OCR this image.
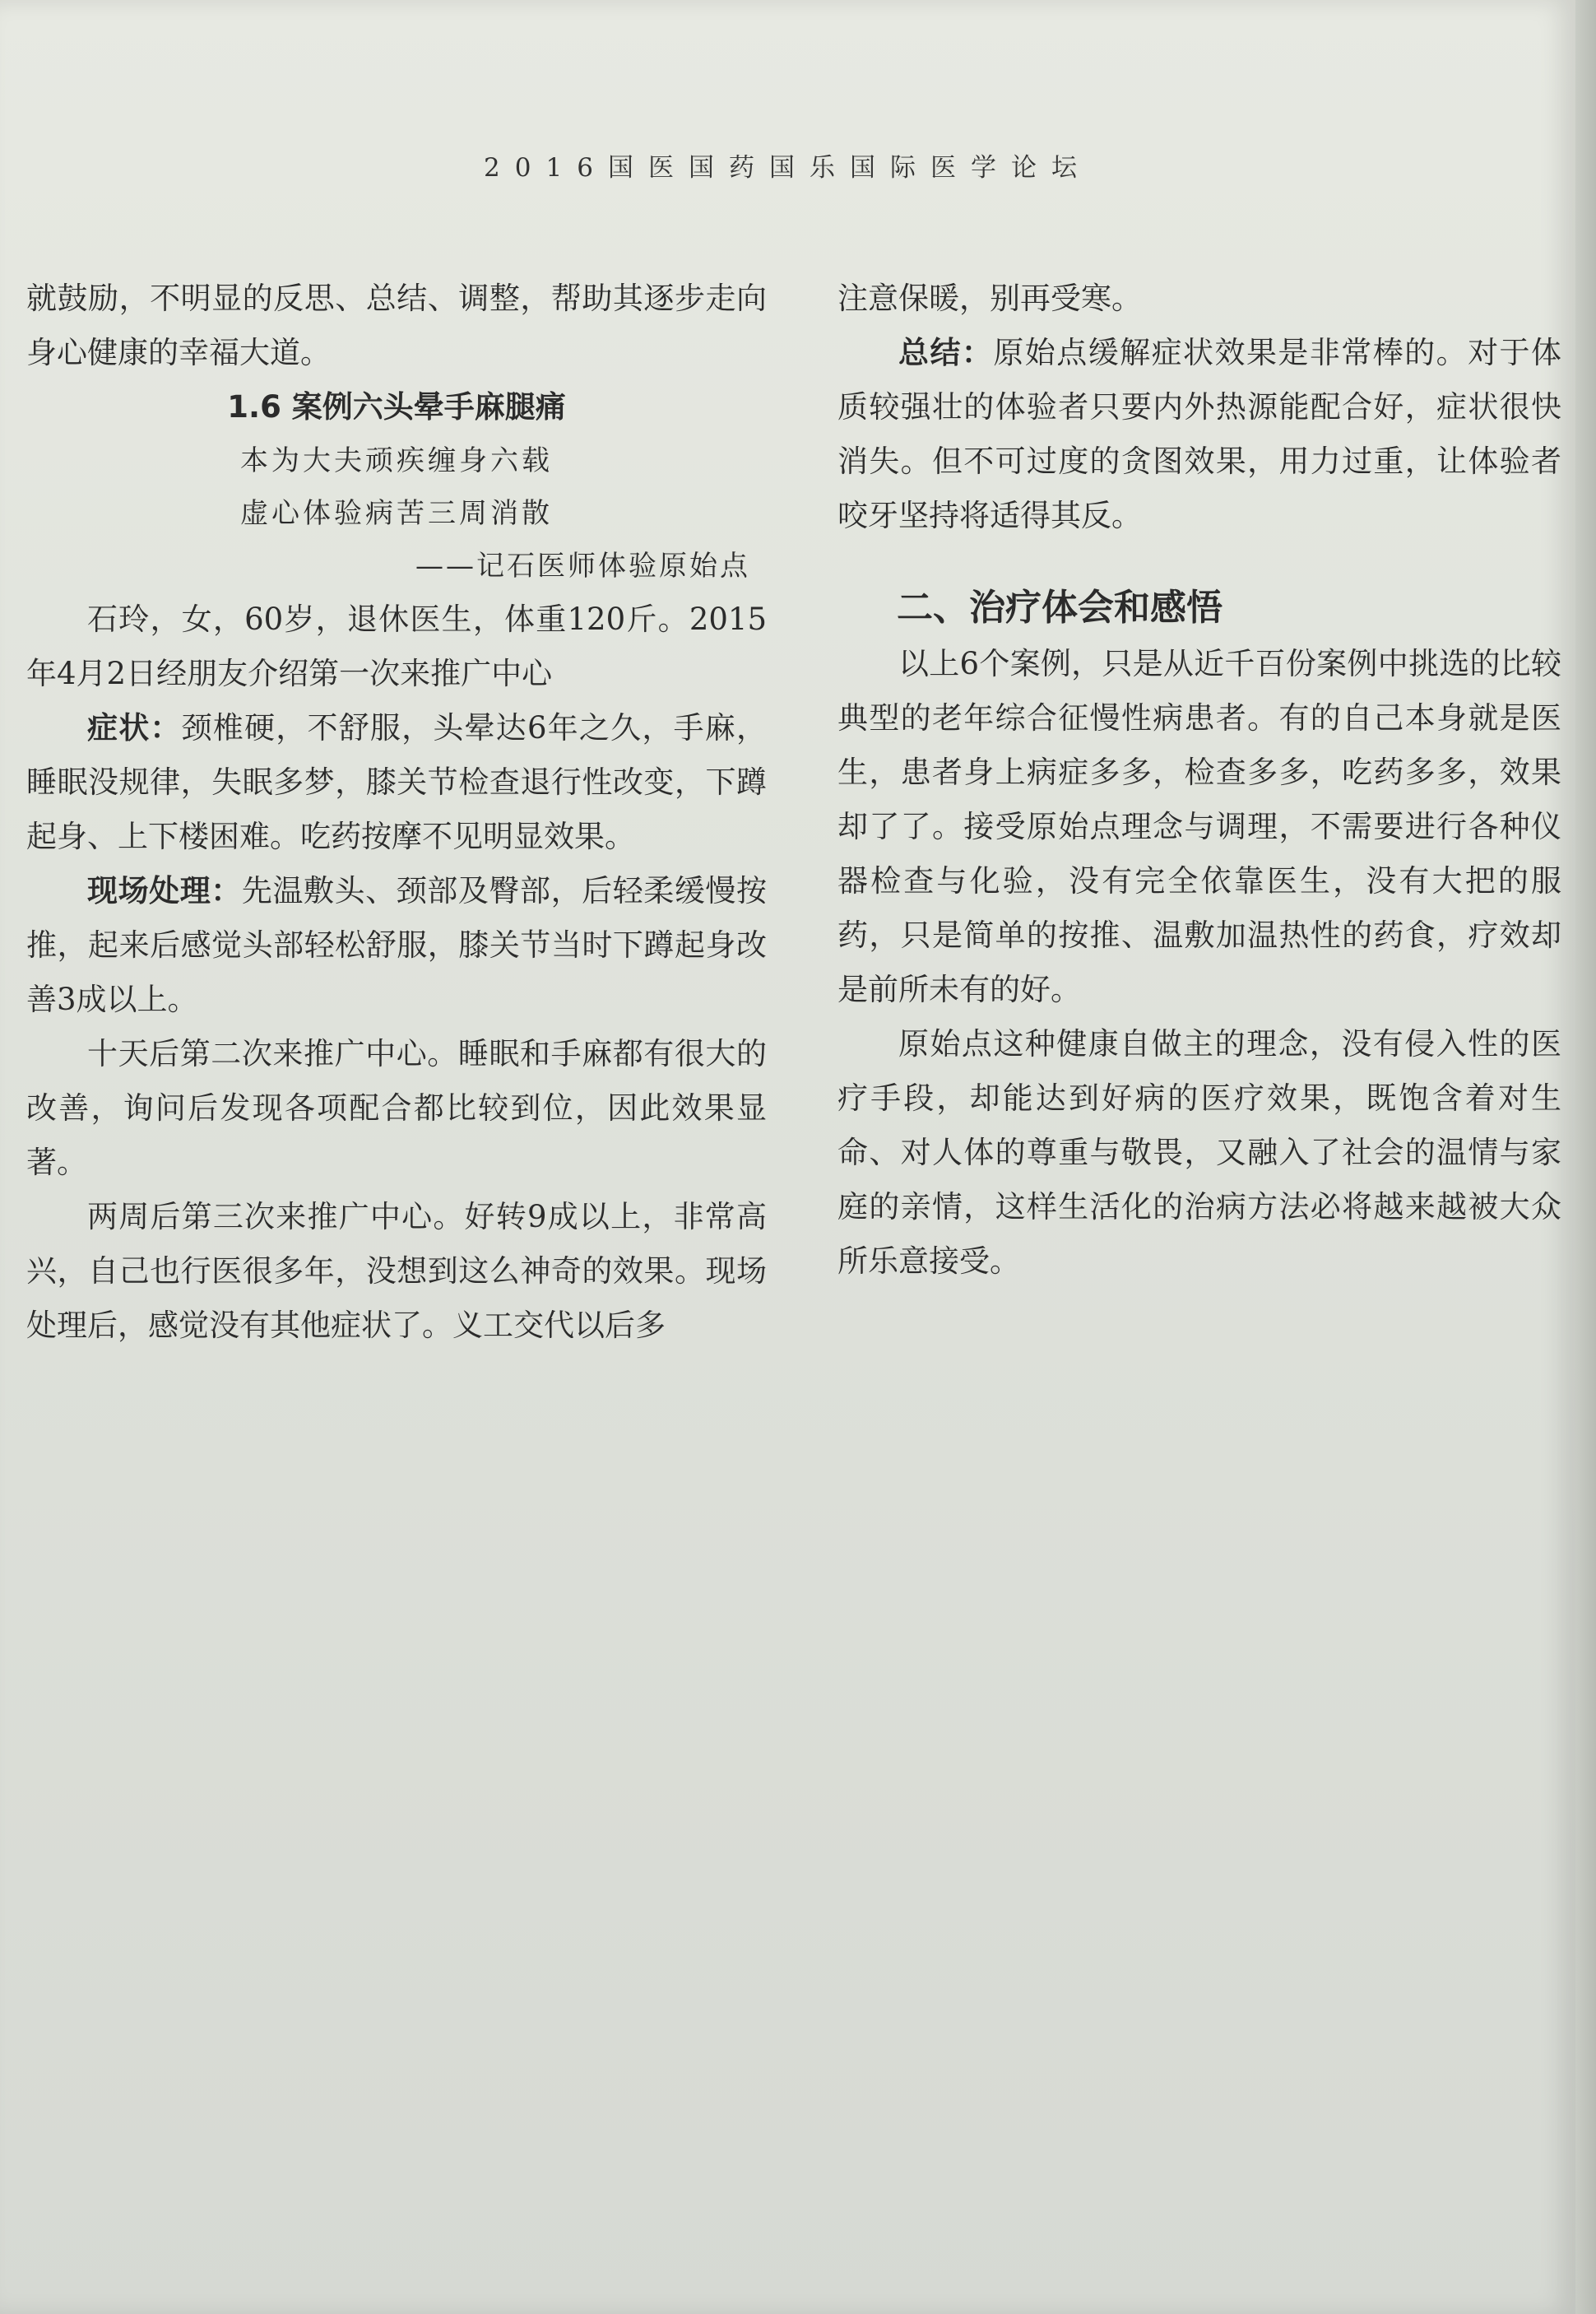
2016国医国药国乐国际医学论坛

就鼓励，不明显的反思、总结、调整，帮助其逐步走向身心健康的幸福大道。

1.6 案例六头晕手麻腿痛

本为大夫顽疾缠身六载

虚心体验病苦三周消散

——记石医师体验原始点

石玲，女，60岁，退休医生，体重120斤。2015年4月2日经朋友介绍第一次来推广中心

症状：颈椎硬，不舒服，头晕达6年之久，手麻，睡眠没规律，失眠多梦，膝关节检查退行性改变，下蹲起身、上下楼困难。吃药按摩不见明显效果。

现场处理：先温敷头、颈部及臀部，后轻柔缓慢按推，起来后感觉头部轻松舒服，膝关节当时下蹲起身改善3成以上。

十天后第二次来推广中心。睡眠和手麻都有很大的改善，询问后发现各项配合都比较到位，因此效果显著。

两周后第三次来推广中心。好转9成以上，非常高兴，自己也行医很多年，没想到这么神奇的效果。现场处理后，感觉没有其他症状了。义工交代以后多

注意保暖，别再受寒。

总结：原始点缓解症状效果是非常棒的。对于体质较强壮的体验者只要内外热源能配合好，症状很快消失。但不可过度的贪图效果，用力过重，让体验者咬牙坚持将适得其反。

二、治疗体会和感悟

以上6个案例，只是从近千百份案例中挑选的比较典型的老年综合征慢性病患者。有的自己本身就是医生，患者身上病症多多，检查多多，吃药多多，效果却了了。接受原始点理念与调理，不需要进行各种仪器检查与化验，没有完全依靠医生，没有大把的服药，只是简单的按推、温敷加温热性的药食，疗效却是前所未有的好。

原始点这种健康自做主的理念，没有侵入性的医疗手段，却能达到好病的医疗效果，既饱含着对生命、对人体的尊重与敬畏，又融入了社会的温情与家庭的亲情，这样生活化的治病方法必将越来越被大众所乐意接受。
